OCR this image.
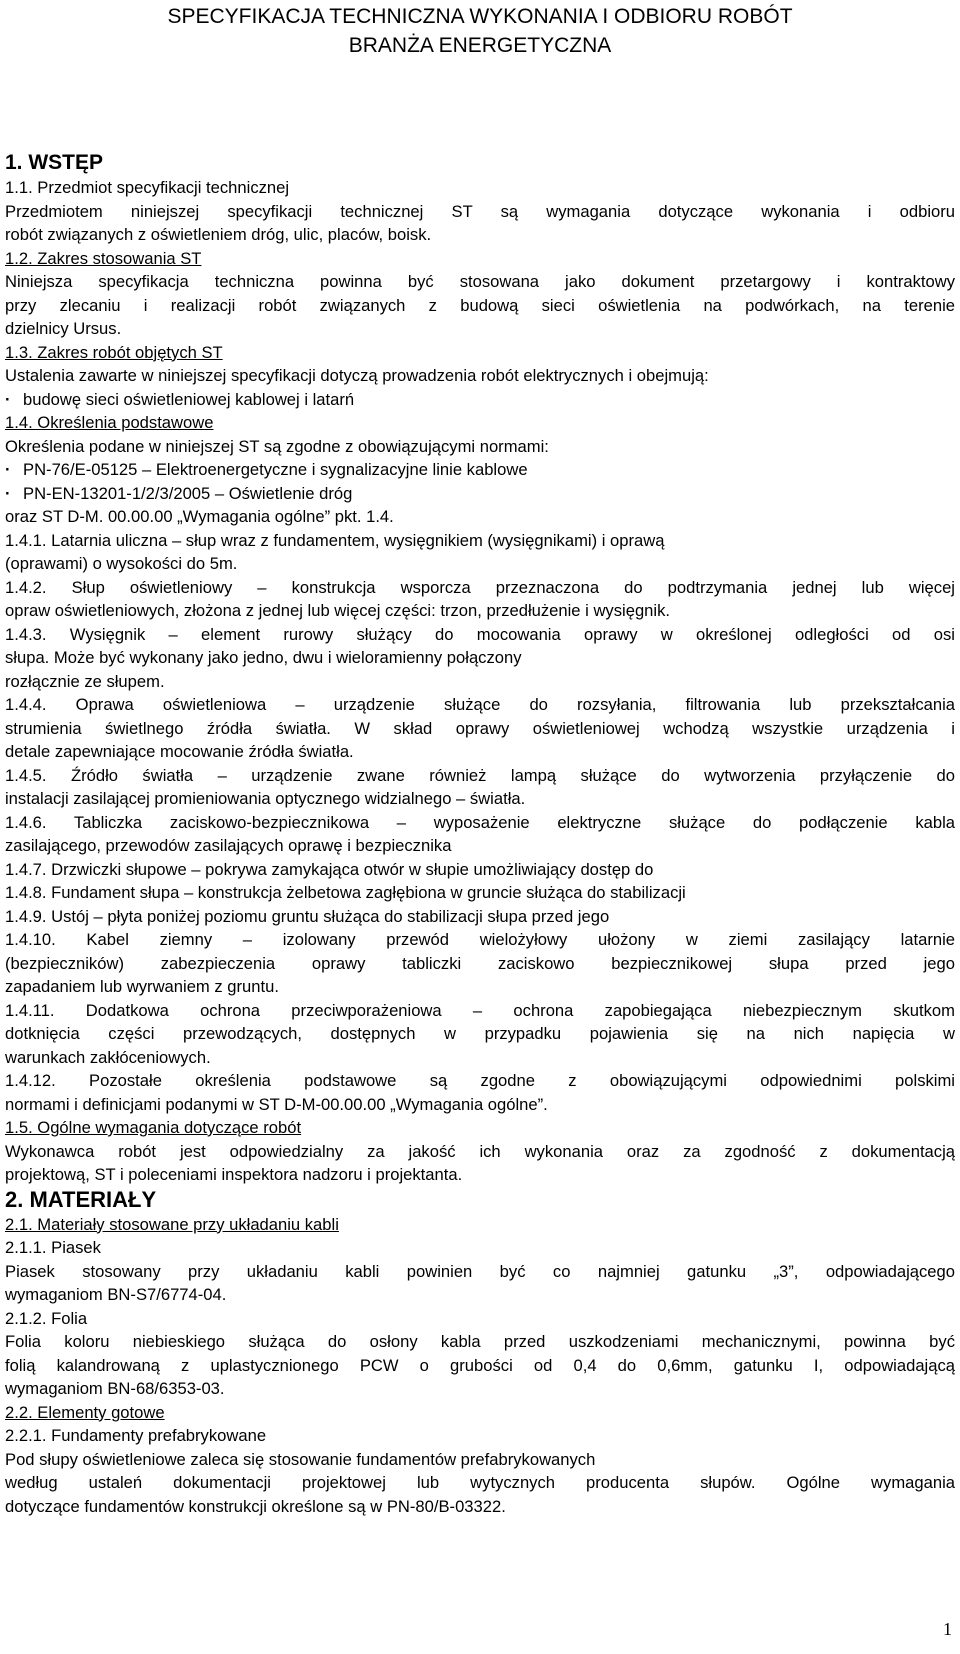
SPECYFIKACJA TECHNICZNA WYKONANIA I ODBIORU ROBÓT
BRANŻA ENERGETYCZNA
1. WSTĘP
1.1. Przedmiot specyfikacji technicznej
Przedmiotem niniejszej specyfikacji technicznej ST są wymagania dotyczące wykonania i odbioru
robót związanych z oświetleniem dróg, ulic, placów, boisk.
1.2. Zakres stosowania ST
Niniejsza specyfikacja techniczna powinna być stosowana jako dokument przetargowy i kontraktowy
przy zlecaniu i realizacji robót związanych z budową sieci oświetlenia na podwórkach, na terenie
dzielnicy Ursus.
1.3. Zakres robót objętych ST
Ustalenia zawarte w niniejszej specyfikacji dotyczą prowadzenia robót elektrycznych i obejmują:
· budowę sieci oświetleniowej kablowej i latarń
1.4. Określenia podstawowe
Określenia podane w niniejszej ST są zgodne z obowiązującymi normami:
· PN-76/E-05125 – Elektroenergetyczne i sygnalizacyjne linie kablowe
· PN-EN-13201-1/2/3/2005 – Oświetlenie dróg
oraz ST D-M. 00.00.00 „Wymagania ogólne” pkt. 1.4.
1.4.1. Latarnia uliczna – słup wraz z fundamentem, wysięgnikiem (wysięgnikami) i oprawą
(oprawami) o wysokości do 5m.
1.4.2. Słup oświetleniowy – konstrukcja wsporcza przeznaczona do podtrzymania jednej lub więcej
opraw oświetleniowych, złożona z jednej lub więcej części: trzon, przedłużenie i wysięgnik.
1.4.3. Wysięgnik – element rurowy służący do mocowania oprawy w określonej odległości od osi
słupa. Może być wykonany jako jedno, dwu i wieloramienny połączony
rozłącznie ze słupem.
1.4.4. Oprawa oświetleniowa – urządzenie służące do rozsyłania, filtrowania lub przekształcania
strumienia świetlnego źródła światła. W skład oprawy oświetleniowej wchodzą wszystkie urządzenia i
detale zapewniające mocowanie źródła światła.
1.4.5. Źródło światła – urządzenie zwane również lampą służące do wytworzenia przyłączenie do
instalacji zasilającej promieniowania optycznego widzialnego – światła.
1.4.6. Tabliczka zaciskowo-bezpiecznikowa – wyposażenie elektryczne służące do podłączenie kabla
zasilającego, przewodów zasilających oprawę i bezpiecznika
1.4.7. Drzwiczki słupowe – pokrywa zamykająca otwór w słupie umożliwiający dostęp do
1.4.8. Fundament słupa – konstrukcja żelbetowa zagłębiona w gruncie służąca do stabilizacji
1.4.9. Ustój – płyta poniżej poziomu gruntu służąca do stabilizacji słupa przed jego
1.4.10. Kabel ziemny – izolowany przewód wielożyłowy ułożony w ziemi zasilający latarnie
(bezpieczników) zabezpieczenia oprawy tabliczki zaciskowo bezpiecznikowej słupa przed jego
zapadaniem lub wyrwaniem z gruntu.
1.4.11. Dodatkowa ochrona przeciwporażeniowa – ochrona zapobiegająca niebezpiecznym skutkom
dotknięcia części przewodzących, dostępnych w przypadku pojawienia się na nich napięcia w
warunkach zakłóceniowych.
1.4.12. Pozostałe określenia podstawowe są zgodne z obowiązującymi odpowiednimi polskimi
normami i definicjami podanymi w ST D-M-00.00.00 „Wymagania ogólne”.
1.5. Ogólne wymagania dotyczące robót
Wykonawca robót jest odpowiedzialny za jakość ich wykonania oraz za zgodność z dokumentacją
projektową, ST i poleceniami inspektora nadzoru i projektanta.
2. MATERIAŁY
2.1. Materiały stosowane przy układaniu kabli
2.1.1. Piasek
Piasek stosowany przy układaniu kabli powinien być co najmniej gatunku „3”, odpowiadającego
wymaganiom BN-S7/6774-04.
2.1.2. Folia
Folia koloru niebieskiego służąca do osłony kabla przed uszkodzeniami mechanicznymi, powinna być
folią kalandrowaną z uplastycznionego PCW o grubości od 0,4 do 0,6mm, gatunku I, odpowiadającą
wymaganiom BN-68/6353-03.
2.2. Elementy gotowe
2.2.1. Fundamenty prefabrykowane
Pod słupy oświetleniowe zaleca się stosowanie fundamentów prefabrykowanych
według ustaleń dokumentacji projektowej lub wytycznych producenta słupów. Ogólne wymagania
dotyczące fundamentów konstrukcji określone są w PN-80/B-03322.
1
